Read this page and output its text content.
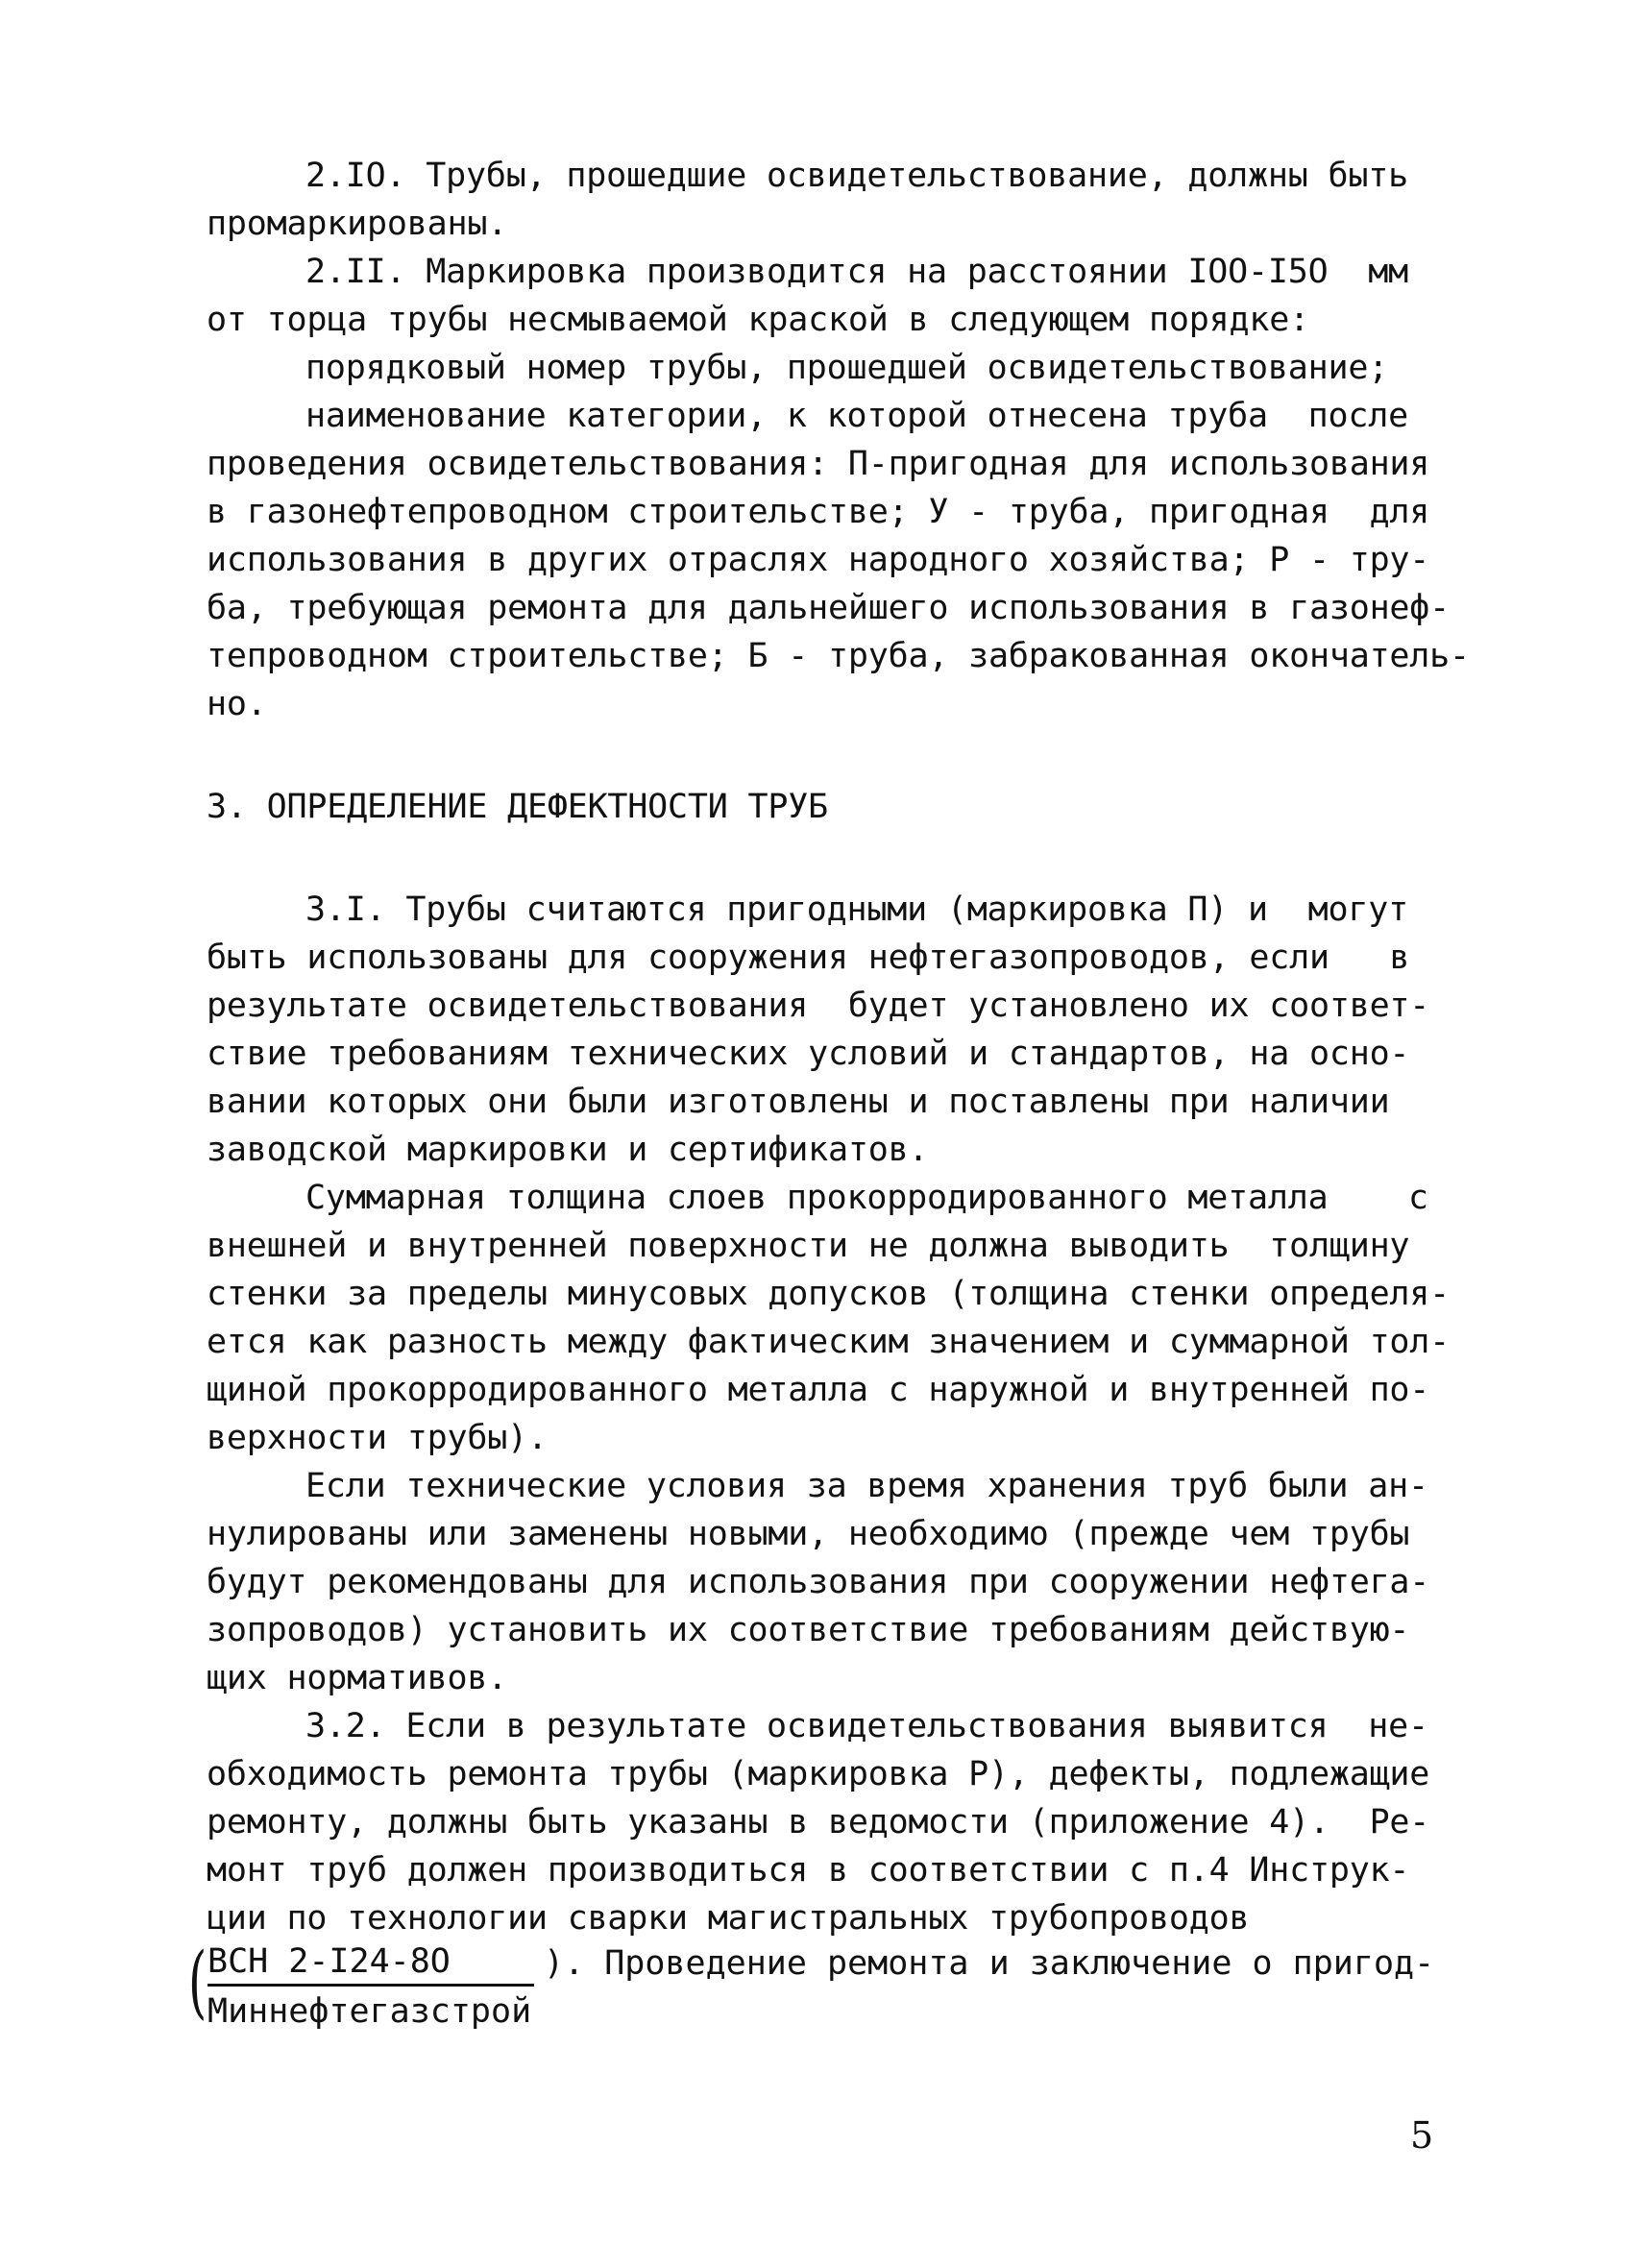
2.IО. Трубы, прошедшие освидетельствование, должны быть
промаркированы.
2.II. Маркировка производится на расстоянии IОО-I5О  мм
от торца трубы несмываемой краской в следующем порядке:
порядковый номер трубы, прошедшей освидетельствование;
наименование категории, к которой отнесена труба  после
проведения освидетельствования: П-пригодная для использования
в газонефтепроводном строительстве; У - труба, пригодная  для
использования в других отраслях народного хозяйства; Р - тру-
ба, требующая ремонта для дальнейшего использования в газонеф-
тепроводном строительстве; Б - труба, забракованная окончатель-
но.
3. ОПРЕДЕЛЕНИЕ ДЕФЕКТНОСТИ ТРУБ
3.I. Трубы считаются пригодными (маркировка П) и  могут
быть использованы для сооружения нефтегазопроводов, если   в
результате освидетельствования  будет установлено их соответ-
ствие требованиям технических условий и стандартов, на осно-
вании которых они были изготовлены и поставлены при наличии
заводской маркировки и сертификатов.
Суммарная толщина слоев прокорродированного металла    с
внешней и внутренней поверхности не должна выводить  толщину
стенки за пределы минусовых допусков (толщина стенки определя-
ется как разность между фактическим значением и суммарной тол-
щиной прокорродированного металла с наружной и внутренней по-
верхности трубы).
Если технические условия за время хранения труб были ан-
нулированы или заменены новыми, необходимо (прежде чем трубы
будут рекомендованы для использования при сооружении нефтега-
зопроводов) установить их соответствие требованиям действую-
щих нормативов.
3.2. Если в результате освидетельствования выявится  не-
обходимость ремонта трубы (маркировка Р), дефекты, подлежащие
ремонту, должны быть указаны в ведомости (приложение 4).  Ре-
монт труб должен производиться в соответствии с п.4 Инструк-
ции по технологии сварки магистральных трубопроводов
( ВСН 2-I24-8О
Миннефтегазстрой
). Проведение ремонта и заключение о пригод-
5
